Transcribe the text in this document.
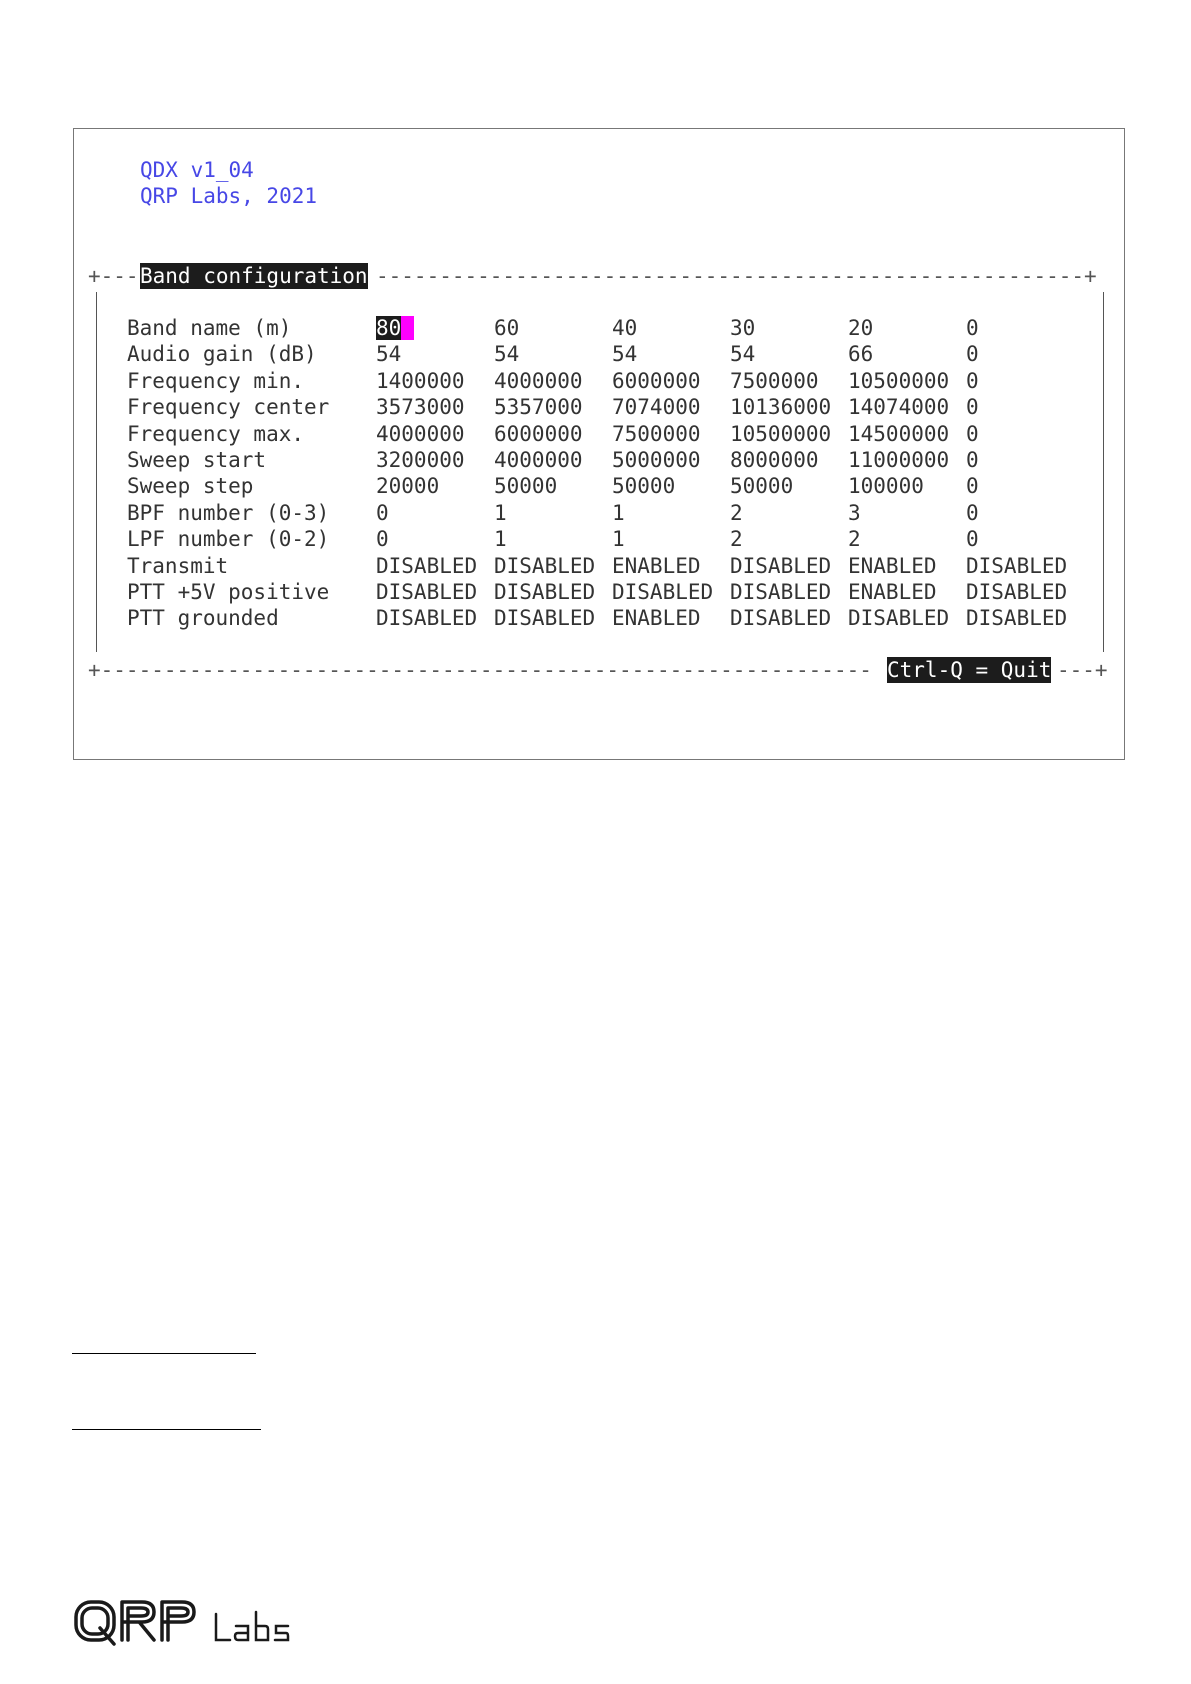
QDX v1_04
QRP Labs, 2021
+--- Band configuration --------------------------------------------------------+
Band name (m)	80	60	40	30	20	0
Audio gain (dB)	54	54	54	54	66	0
Frequency min.	1400000 4000000 6000000 7500000 10500000 0
Frequency center 3573000 5357000 7074000 10136000 14074000 0
Frequency max.	4000000 6000000 7500000 10500000 14500000 0
Sweep start	3200000 4000000 5000000 8000000 11000000 0
Sweep step	20000	50000	50000	50000	100000 0
BPF number (0-3) 0	1	1	2	3	0
LPF number (0-2) 0	1	1	2	2	0
Transmit	DISABLED DISABLED ENABLED DISABLED ENABLED DISABLED
PTT +5V positive DISABLED DISABLED DISABLED DISABLED ENABLED DISABLED
PTT grounded	DISABLED DISABLED ENABLED DISABLED DISABLED DISABLED
+------------------------------------------------------------- Ctrl-Q = Quit ---+
